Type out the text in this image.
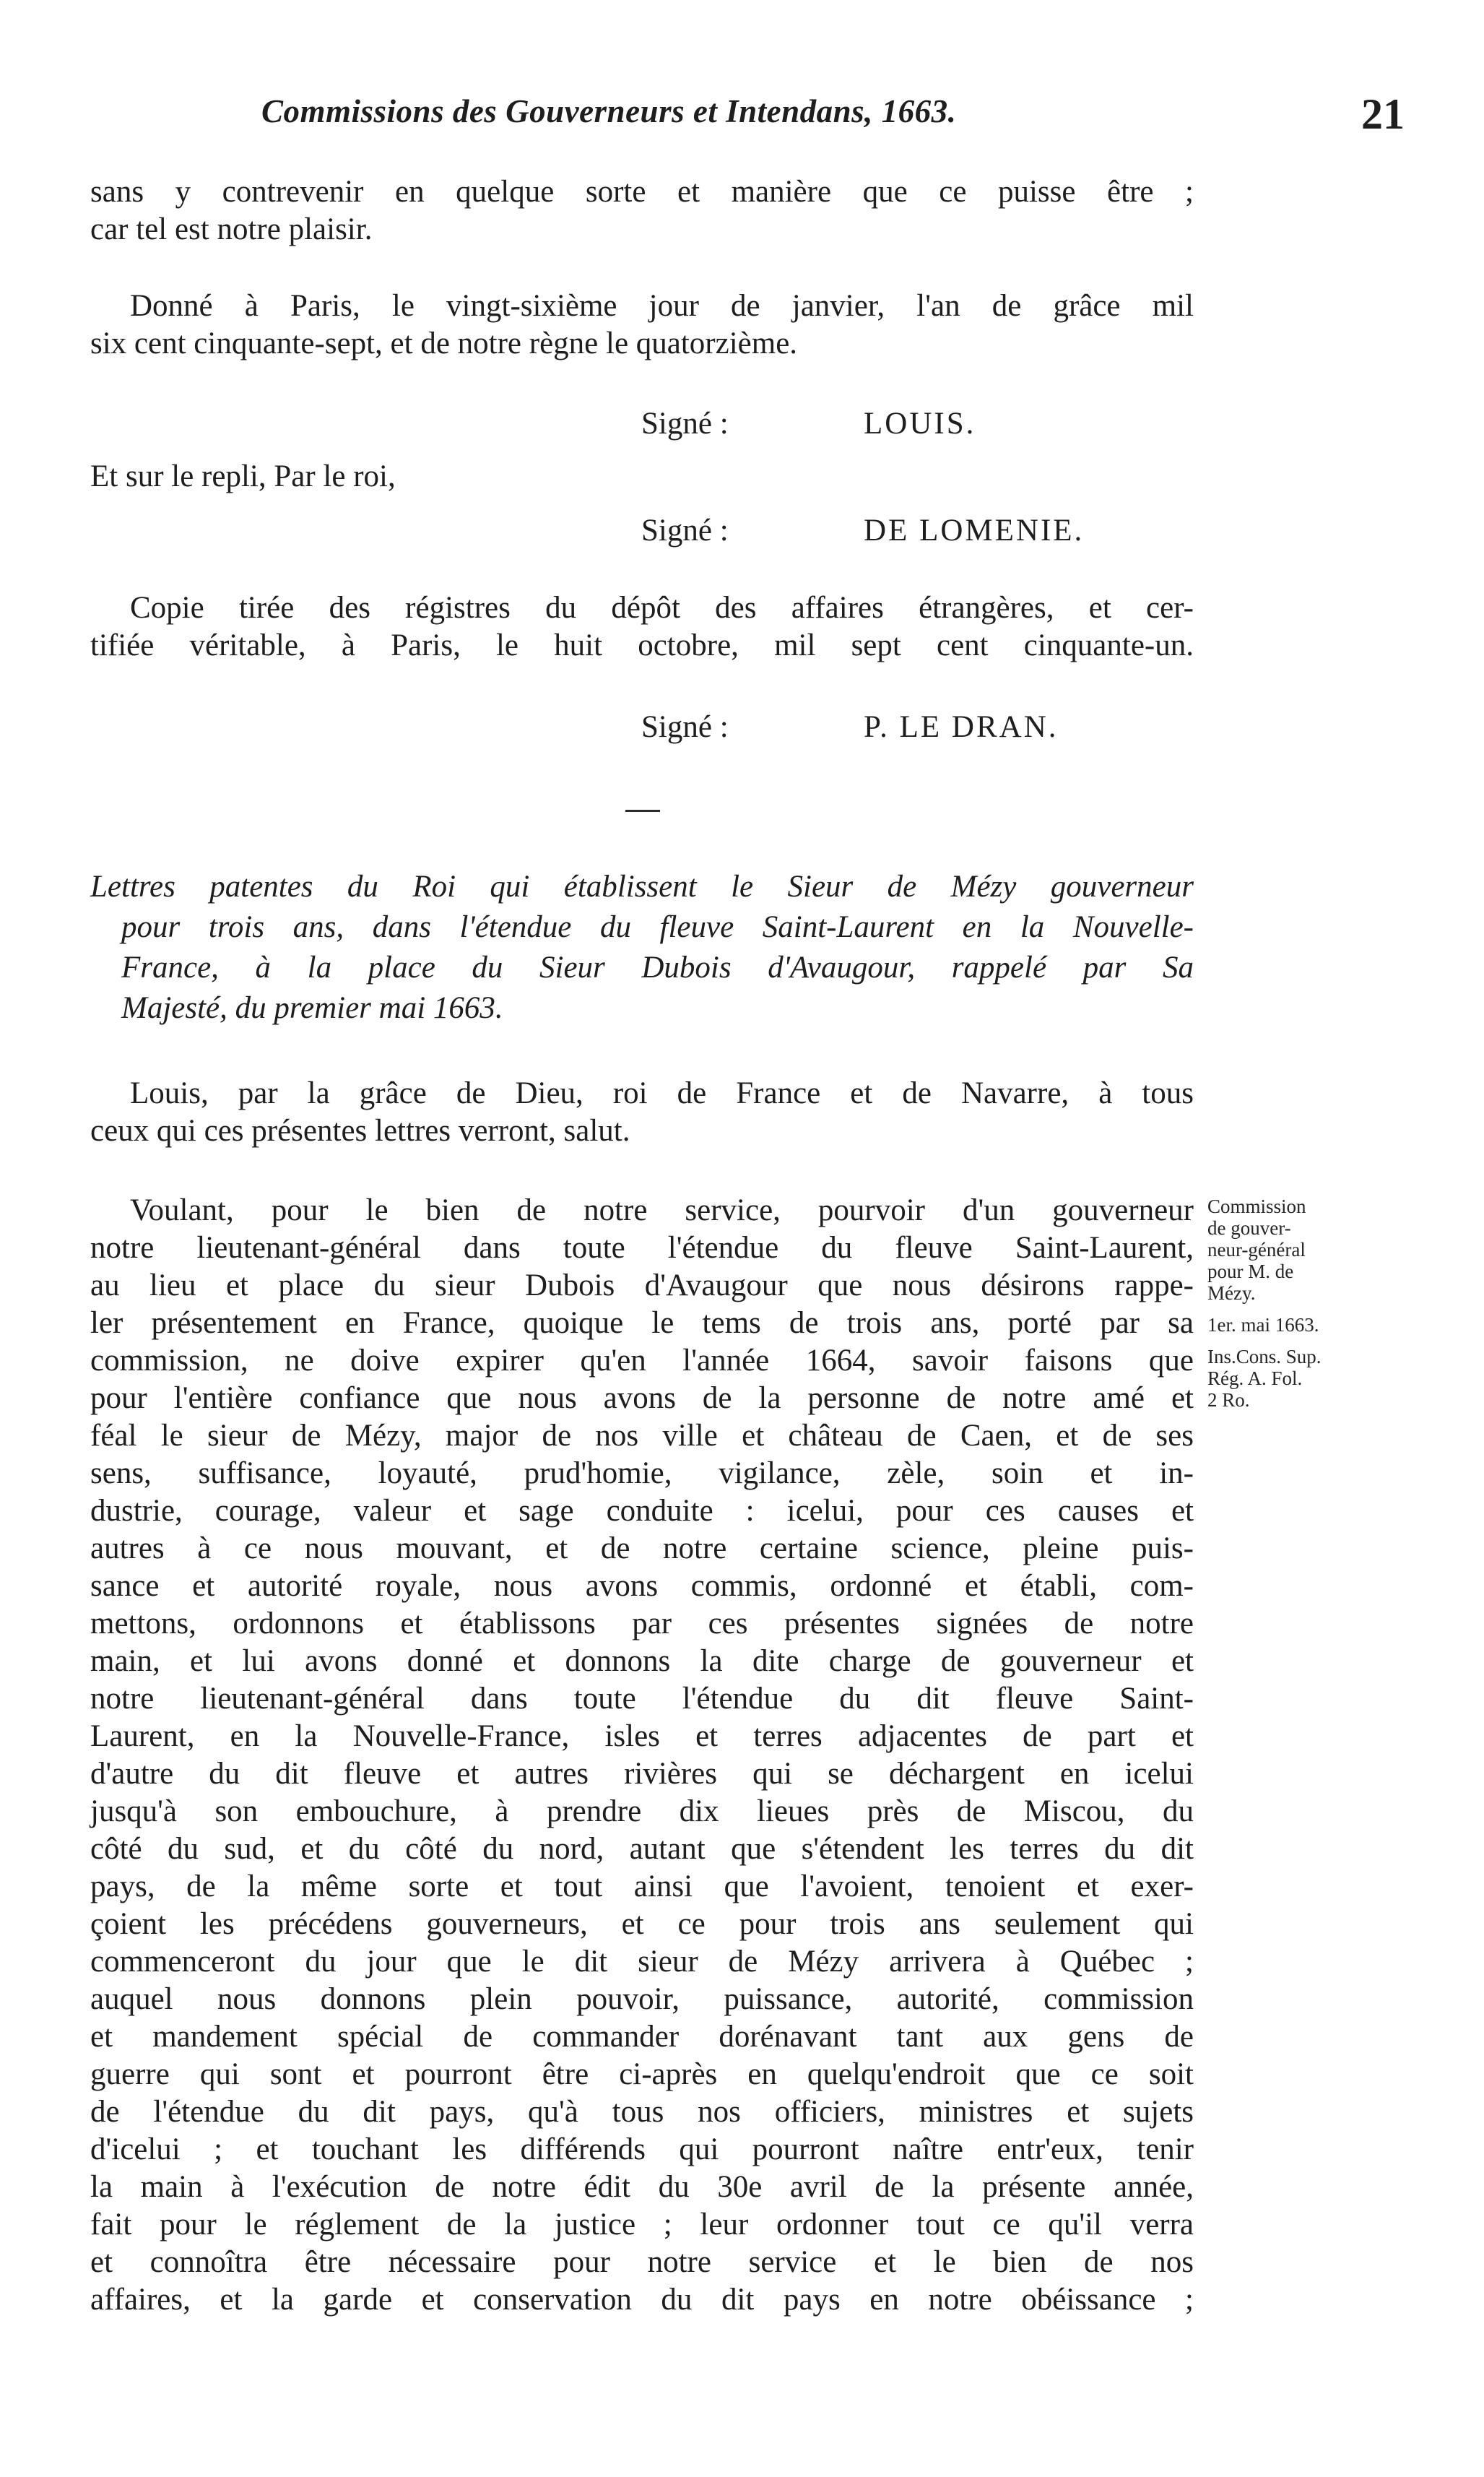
Commissions des Gouverneurs et Intendans, 1663.	21
sans y contrevenir en quelque sorte et manière que ce puisse être ;
car tel est notre plaisir.
Donné à Paris, le vingt-sixième jour de janvier, l'an de grâce mil
six cent cinquante-sept, et de notre règne le quatorzième.
Signé :	LOUIS.
Et sur le repli, Par le roi,
Signé :	DE LOMENIE.
Copie tirée des régistres du dépôt des affaires étrangères, et cer-
tifiée véritable, à Paris, le huit octobre, mil sept cent cinquante-un.
Signé :	P. LE DRAN.
Lettres patentes du Roi qui établissent le Sieur de Mézy gouverneur
pour trois ans, dans l'étendue du fleuve Saint-Laurent en la Nouvelle-
France, à la place du Sieur Dubois d'Avaugour, rappelé par Sa
Majesté, du premier mai 1663.
Louis, par la grâce de Dieu, roi de France et de Navarre, à tous
ceux qui ces présentes lettres verront, salut.
Voulant, pour le bien de notre service, pourvoir d'un gouverneur
notre lieutenant-général dans toute l'étendue du fleuve Saint-Laurent,
au lieu et place du sieur Dubois d'Avaugour que nous désirons rappe-
ler présentement en France, quoique le tems de trois ans, porté par sa
commission, ne doive expirer qu'en l'année 1664, savoir faisons que
pour l'entière confiance que nous avons de la personne de notre amé et
féal le sieur de Mézy, major de nos ville et château de Caen, et de ses
sens, suffisance, loyauté, prud'homie, vigilance, zèle, soin et in-
dustrie, courage, valeur et sage conduite : icelui, pour ces causes et
autres à ce nous mouvant, et de notre certaine science, pleine puis-
sance et autorité royale, nous avons commis, ordonné et établi, com-
mettons, ordonnons et établissons par ces présentes signées de notre
main, et lui avons donné et donnons la dite charge de gouverneur et
notre lieutenant-général dans toute l'étendue du dit fleuve Saint-
Laurent, en la Nouvelle-France, isles et terres adjacentes de part et
d'autre du dit fleuve et autres rivières qui se déchargent en icelui
jusqu'à son embouchure, à prendre dix lieues près de Miscou, du
côté du sud, et du côté du nord, autant que s'étendent les terres du dit
pays, de la même sorte et tout ainsi que l'avoient, tenoient et exer-
çoient les précédens gouverneurs, et ce pour trois ans seulement qui
commenceront du jour que le dit sieur de Mézy arrivera à Québec ;
auquel nous donnons plein pouvoir, puissance, autorité, commission
et mandement spécial de commander dorénavant tant aux gens de
guerre qui sont et pourront être ci-après en quelqu'endroit que ce soit
de l'étendue du dit pays, qu'à tous nos officiers, ministres et sujets
d'icelui ; et touchant les différends qui pourront naître entr'eux, tenir
la main à l'exécution de notre édit du 30e avril de la présente année,
fait pour le réglement de la justice ; leur ordonner tout ce qu'il verra
et connoîtra être nécessaire pour notre service et le bien de nos
affaires, et la garde et conservation du dit pays en notre obéissance ;
Commission
de gouver-
neur-général
pour M. de
Mézy.
1er. mai 1663.
Ins.Cons. Sup.
Rég. A. Fol.
2 Ro.
